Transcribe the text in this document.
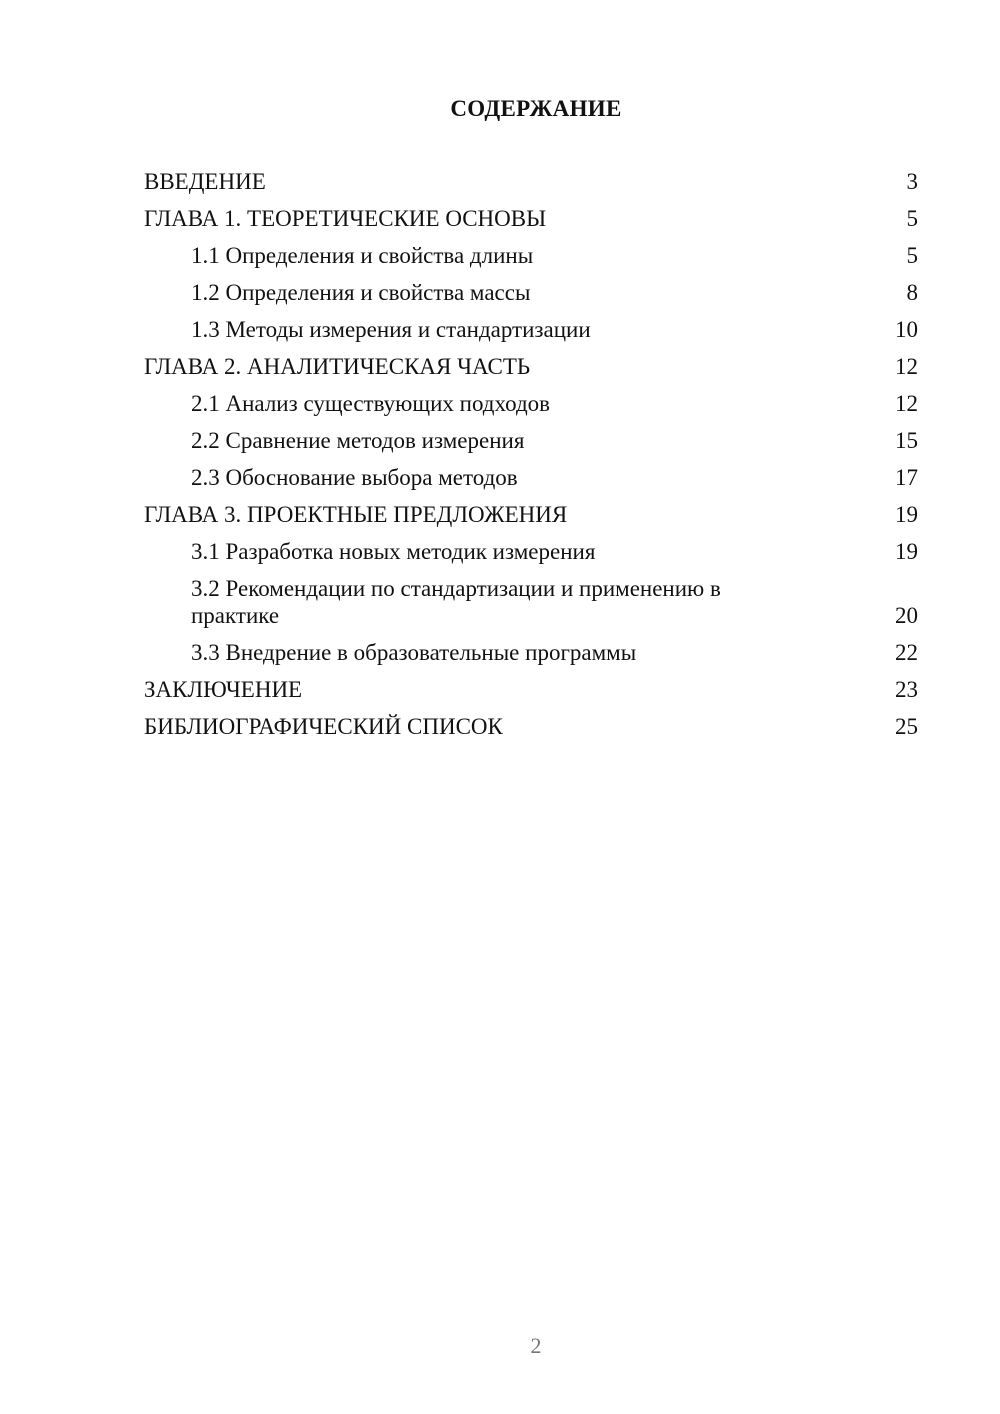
СОДЕРЖАНИЕ
ВВЕДЕНИЕ	3
ГЛАВА 1. ТЕОРЕТИЧЕСКИЕ ОСНОВЫ	5
1.1 Определения и свойства длины	5
1.2 Определения и свойства массы	8
1.3 Методы измерения и стандартизации	10
ГЛАВА 2. АНАЛИТИЧЕСКАЯ ЧАСТЬ	12
2.1 Анализ существующих подходов	12
2.2 Сравнение методов измерения	15
2.3 Обоснование выбора методов	17
ГЛАВА 3. ПРОЕКТНЫЕ ПРЕДЛОЖЕНИЯ	19
3.1 Разработка новых методик измерения	19
3.2 Рекомендации по стандартизации и применению в практике	20
3.3 Внедрение в образовательные программы	22
ЗАКЛЮЧЕНИЕ	23
БИБЛИОГРАФИЧЕСКИЙ СПИСОК	25
2
